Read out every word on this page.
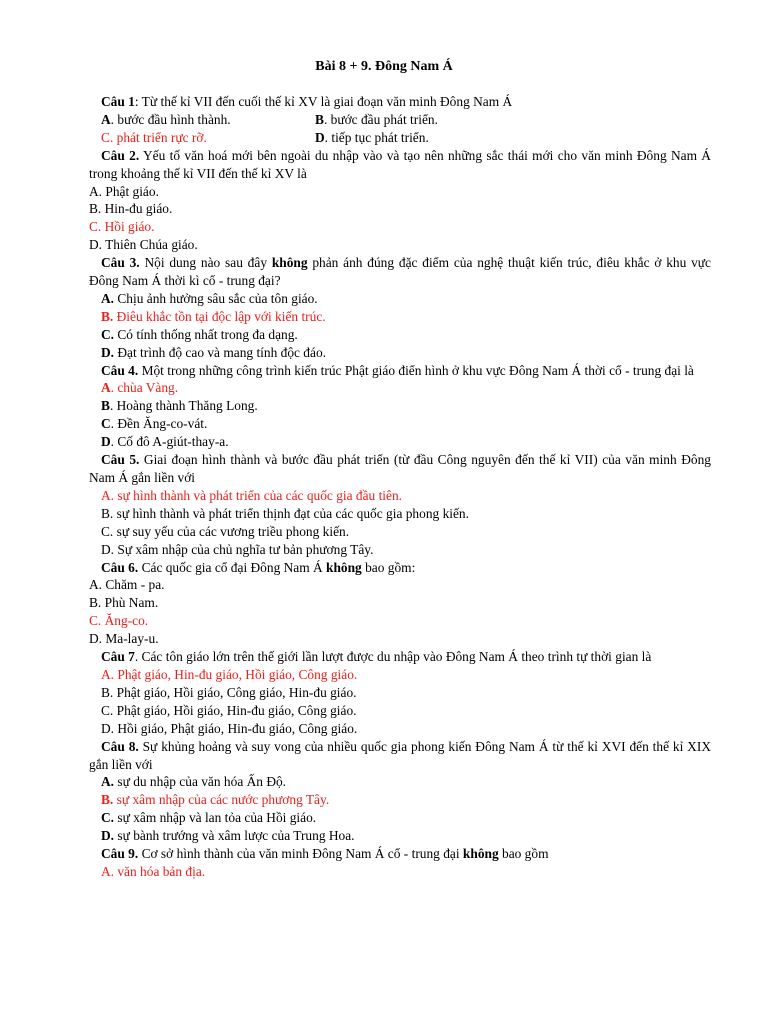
Bài 8 + 9. Đông Nam Á
Câu 1: Từ thế kỉ VII đến cuối thế kỉ XV là giai đoạn văn minh Đông Nam Á
A. bước đầu hình thành.	B. bước đầu phát triển.
C. phát triển rực rỡ.	D. tiếp tục phát triển.
Câu 2. Yếu tố văn hoá mới bên ngoài du nhập vào và tạo nên những sắc thái mới cho văn minh Đông Nam Á trong khoảng thế kỉ VII đến thế kỉ XV là
A. Phật giáo.
B. Hin-đu giáo.
C. Hồi giáo.
D. Thiên Chúa giáo.
Câu 3. Nội dung nào sau đây không phản ánh đúng đặc điểm của nghệ thuật kiến trúc, điêu khắc ở khu vực Đông Nam Á thời kì cổ - trung đại?
A. Chịu ảnh hưởng sâu sắc của tôn giáo.
B. Điêu khắc tồn tại độc lập với kiến trúc.
C. Có tính thống nhất trong đa dạng.
D. Đạt trình độ cao và mang tính độc đáo.
Câu 4. Một trong những công trình kiến trúc Phật giáo điển hình ở khu vực Đông Nam Á thời cổ - trung đại là
A. chùa Vàng.
B. Hoàng thành Thăng Long.
C. Đền Ăng-co-vát.
D. Cố đô A-giút-thay-a.
Câu 5. Giai đoạn hình thành và bước đầu phát triển (từ đầu Công nguyên đến thế kỉ VII) của văn minh Đông Nam Á gắn liền với
A. sự hình thành và phát triển của các quốc gia đầu tiên.
B. sự hình thành và phát triển thịnh đạt của các quốc gia phong kiến.
C. sự suy yếu của các vương triều phong kiến.
D. Sự xâm nhập của chủ nghĩa tư bản phương Tây.
Câu 6. Các quốc gia cổ đại Đông Nam Á không bao gồm:
A. Chăm - pa.
B. Phù Nam.
C. Ăng-co.
D. Ma-lay-u.
Câu 7. Các tôn giáo lớn trên thế giới lần lượt được du nhập vào Đông Nam Á theo trình tự thời gian là
A. Phật giáo, Hin-đu giáo, Hồi giáo, Công giáo.
B. Phật giáo, Hồi giáo, Công giáo, Hin-đu giáo.
C. Phật giáo, Hồi giáo, Hin-đu giáo, Công giáo.
D. Hồi giáo, Phật giáo, Hin-đu giáo, Công giáo.
Câu 8. Sự khủng hoảng và suy vong của nhiều quốc gia phong kiến Đông Nam Á từ thế kỉ XVI đến thế kỉ XIX gắn liền với
A. sự du nhập của văn hóa Ấn Độ.
B. sự xâm nhập của các nước phương Tây.
C. sự xâm nhập và lan tỏa của Hồi giáo.
D. sự bành trướng và xâm lược của Trung Hoa.
Câu 9. Cơ sở hình thành của văn minh Đông Nam Á cổ - trung đại không bao gồm
A. văn hóa bản địa.
